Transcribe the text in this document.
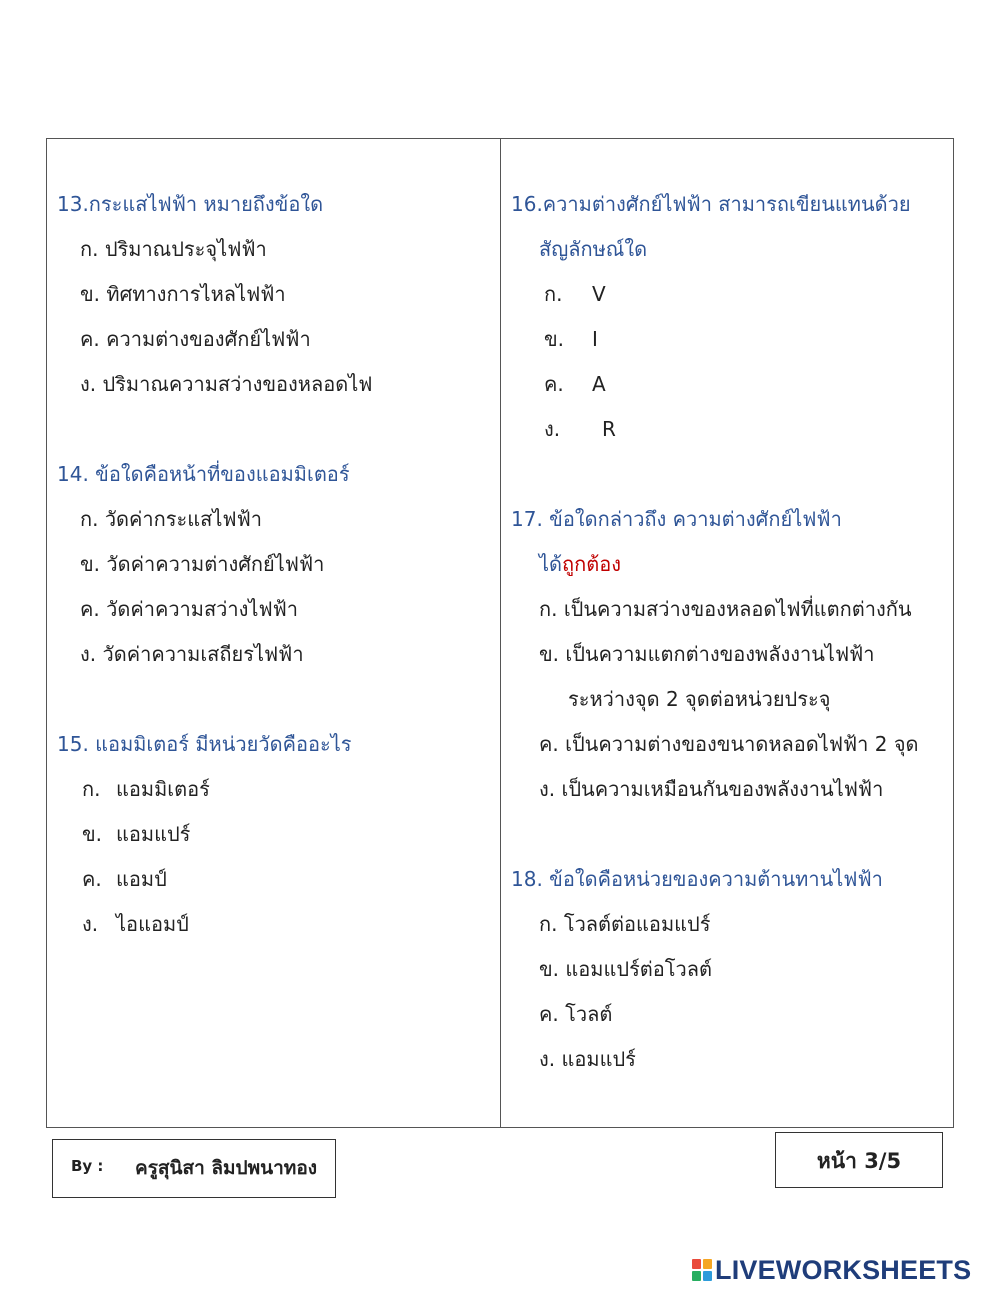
13.กระแสไฟฟ้า หมายถึงข้อใด
ก. ปริมาณประจุไฟฟ้า
ข. ทิศทางการไหลไฟฟ้า
ค. ความต่างของศักย์ไฟฟ้า
ง. ปริมาณความสว่างของหลอดไฟ
14. ข้อใดคือหน้าที่ของแอมมิเตอร์
ก. วัดค่ากระแสไฟฟ้า
ข. วัดค่าความต่างศักย์ไฟฟ้า
ค. วัดค่าความสว่างไฟฟ้า
ง. วัดค่าความเสถียรไฟฟ้า
15. แอมมิเตอร์ มีหน่วยวัดคืออะไร
ก. แอมมิเตอร์
ข. แอมแปร์
ค. แอมป์
ง. ไอแอมป์
16.ความต่างศักย์ไฟฟ้า สามารถเขียนแทนด้วย
สัญลักษณ์ใด
ก. V
ข. I
ค. A
ง. R
17. ข้อใดกล่าวถึง ความต่างศักย์ไฟฟ้า
ได้ถูกต้อง
ก. เป็นความสว่างของหลอดไฟที่แตกต่างกัน
ข. เป็นความแตกต่างของพลังงานไฟฟ้า
ระหว่างจุด 2 จุดต่อหน่วยประจุ
ค. เป็นความต่างของขนาดหลอดไฟฟ้า 2 จุด
ง. เป็นความเหมือนกันของพลังงานไฟฟ้า
18. ข้อใดคือหน่วยของความต้านทานไฟฟ้า
ก. โวลต์ต่อแอมแปร์
ข. แอมแปร์ต่อโวลต์
ค. โวลต์
ง. แอมแปร์
By : ครูสุนิสา ลิมปพนาทอง	หน้า 3/5
LIVEWORKSHEETS
